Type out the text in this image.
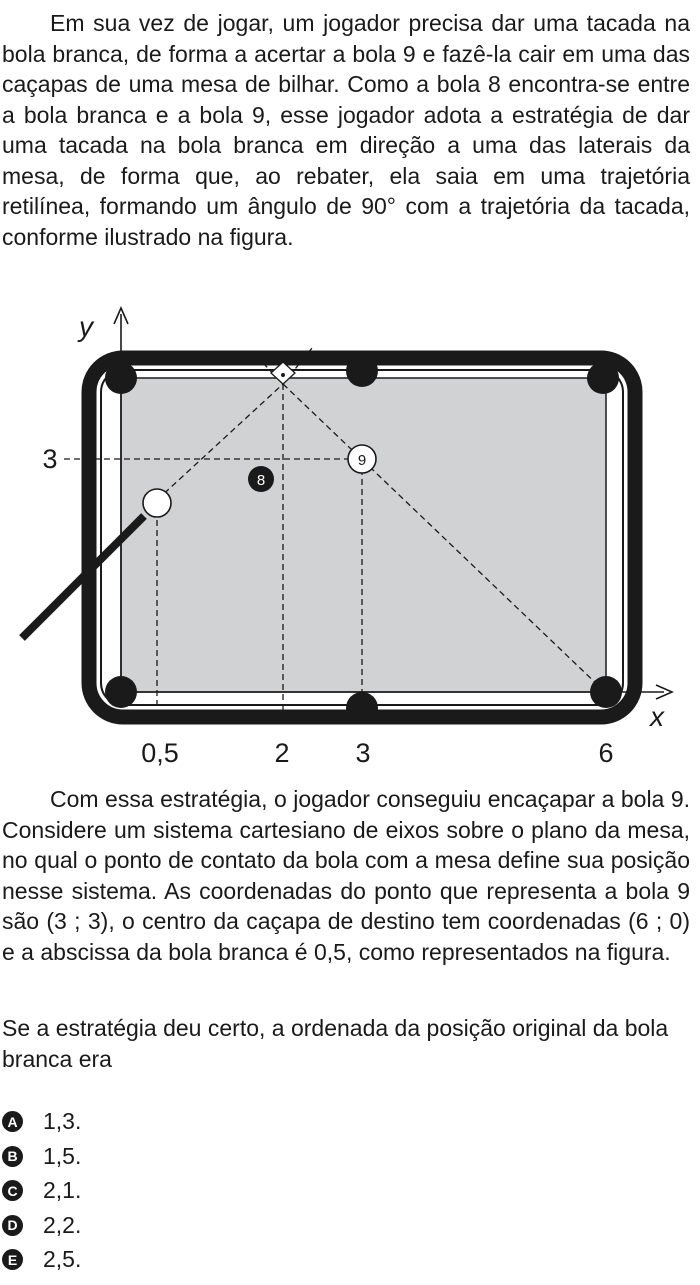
Em sua vez de jogar, um jogador precisa dar uma tacada na bola branca, de forma a acertar a bola 9 e fazê-la cair em uma das caçapas de uma mesa de bilhar. Como a bola 8 encontra-se entre a bola branca e a bola 9, esse jogador adota a estratégia de dar uma tacada na bola branca em direção a uma das laterais da mesa, de forma que, ao rebater, ela saia em uma trajetória retilínea, formando um ângulo de 90° com a trajetória da tacada, conforme ilustrado na figura.

8
9
y
x
3
0,5	2 3	6

Com essa estratégia, o jogador conseguiu encaçapar a bola 9. Considere um sistema cartesiano de eixos sobre o plano da mesa, no qual o ponto de contato da bola com a mesa define sua posição nesse sistema. As coordenadas do ponto que representa a bola 9 são (3 ; 3), o centro da caçapa de destino tem coordenadas (6 ; 0) e a abscissa da bola branca é 0,5, como representados na figura.

Se a estratégia deu certo, a ordenada da posição original da bola branca era

A 1,3.
B 1,5.
C 2,1.
D 2,2.
E 2,5.
